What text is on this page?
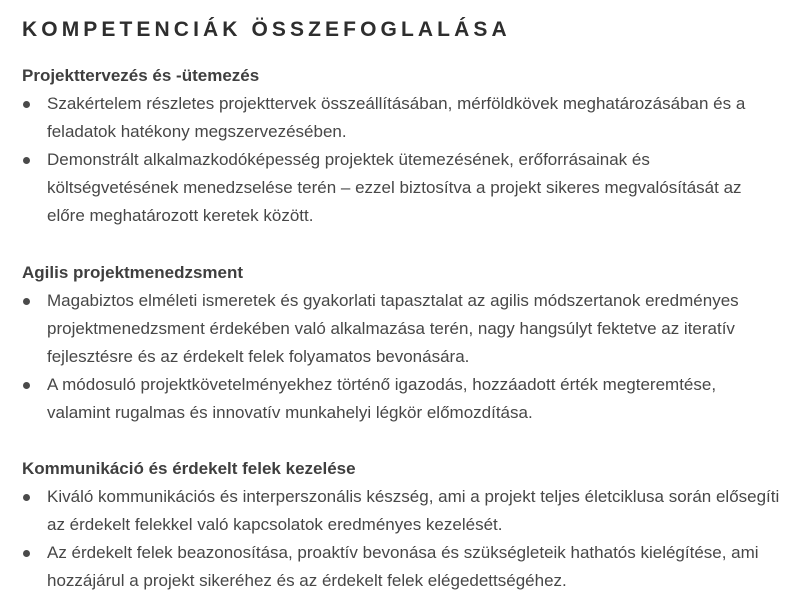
KOMPETENCIÁK ÖSSZEFOGLALÁSA
Projekttervezés és -ütemezés
Szakértelem részletes projekttervek összeállításában, mérföldkövek meghatározásában és a feladatok hatékony megszervezésében.
Demonstrált alkalmazkodóképesség projektek ütemezésének, erőforrásainak és költségvetésének menedzselése terén – ezzel biztosítva a projekt sikeres megvalósítását az előre meghatározott keretek között.
Agilis projektmenedzsment
Magabiztos elméleti ismeretek és gyakorlati tapasztalat az agilis módszertanok eredményes projektmenedzsment érdekében való alkalmazása terén, nagy hangsúlyt fektetve az iteratív fejlesztésre és az érdekelt felek folyamatos bevonására.
A módosuló projektkövetelményekhez történő igazodás, hozzáadott érték megteremtése, valamint rugalmas és innovatív munkahelyi légkör előmozdítása.
Kommunikáció és érdekelt felek kezelése
Kiváló kommunikációs és interperszonális készség, ami a projekt teljes életciklusa során elősegíti az érdekelt felekkel való kapcsolatok eredményes kezelését.
Az érdekelt felek beazonosítása, proaktív bevonása és szükségleteik hathatós kielégítése, ami hozzájárul a projekt sikeréhez és az érdekelt felek elégedettségéhez.
